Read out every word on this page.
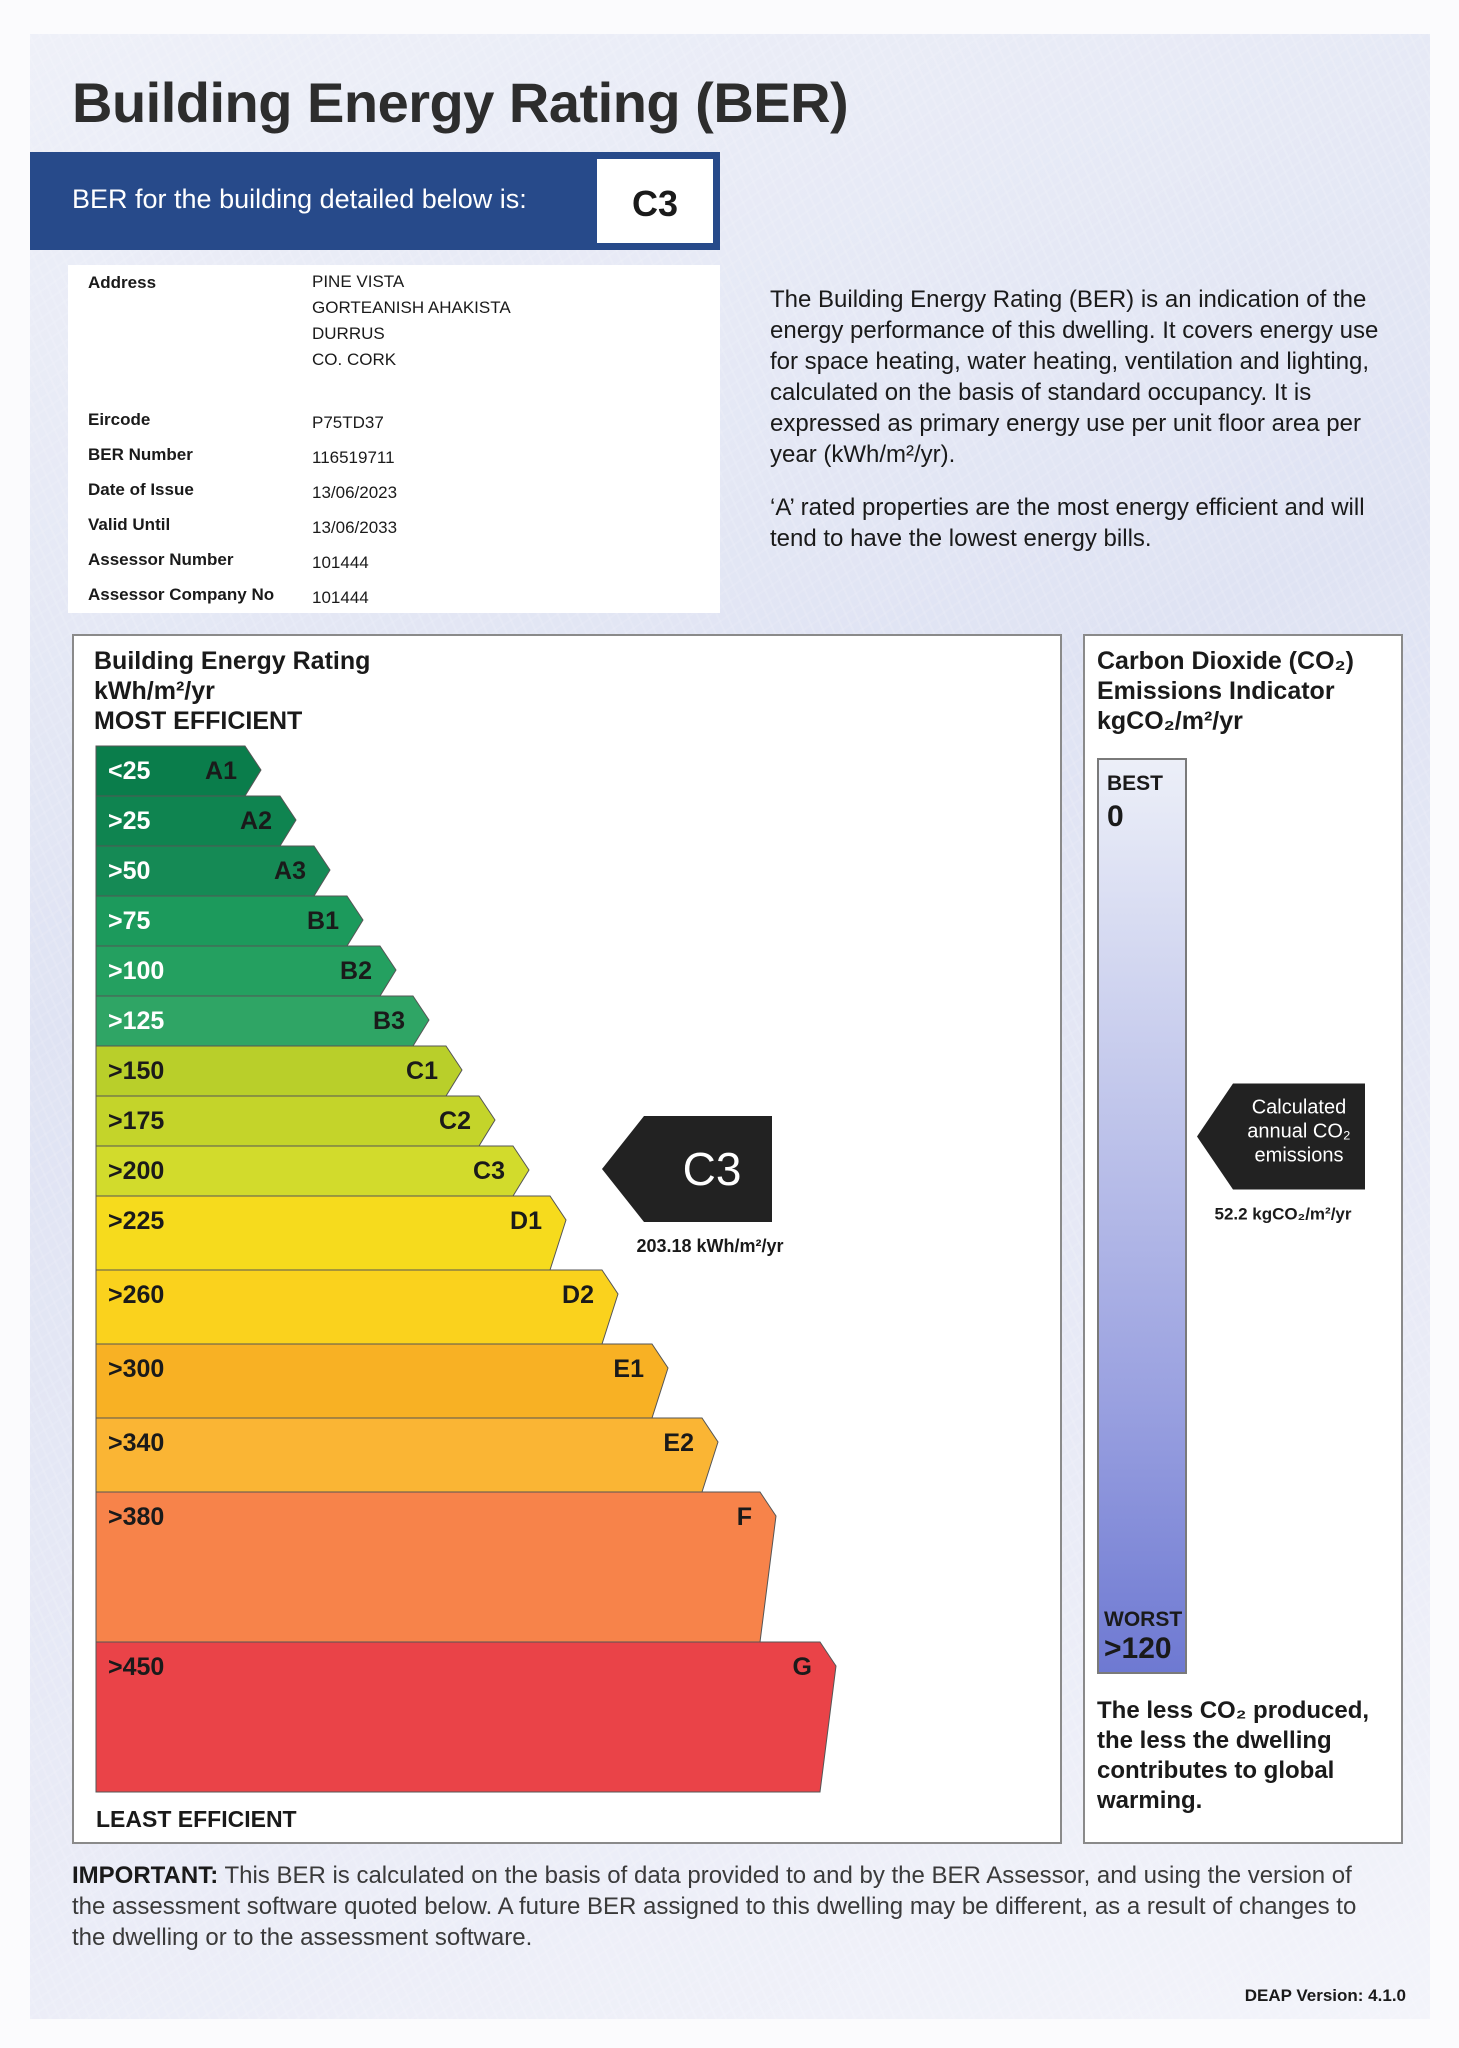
Building Energy Rating (BER)
BER for the building detailed below is:	C3
Address	PINE VISTA
GORTEANISH AHAKISTA
DURRUS
CO. CORK
Eircode	P75TD37
BER Number	116519711
Date of Issue	13/06/2023
Valid Until	13/06/2033
Assessor Number	101444
Assessor Company No	101444

The Building Energy Rating (BER) is an indication of the energy performance of this dwelling. It covers energy use for space heating, water heating, ventilation and lighting, calculated on the basis of standard occupancy. It is expressed as primary energy use per unit floor area per year (kWh/m²/yr).

‘A’ rated properties are the most energy efficient and will tend to have the lowest energy bills.

Building Energy Rating
kWh/m²/yr
MOST EFFICIENT
<25 A1
>25	A2
>50	A3
>75	B1
>100	B2
>125	B3
>150	C1
>175	C2
>200	C3
>225	D1
>260	D2
>300	E1
>340	E2
>380	F
>450	G
C3
203.18 kWh/m²/yr
LEAST EFFICIENT
Carbon Dioxide (CO₂)
Emissions Indicator
kgCO₂/m²/yr
BEST
0
WORST
>120
Calculated
annual CO₂
emissions
52.2 kgCO₂/m²/yr
The less CO₂ produced, the less the dwelling contributes to global warming.
IMPORTANT: This BER is calculated on the basis of data provided to and by the BER Assessor, and using the version of the assessment software quoted below. A future BER assigned to this dwelling may be different, as a result of changes to the dwelling or to the assessment software.
DEAP Version: 4.1.0
